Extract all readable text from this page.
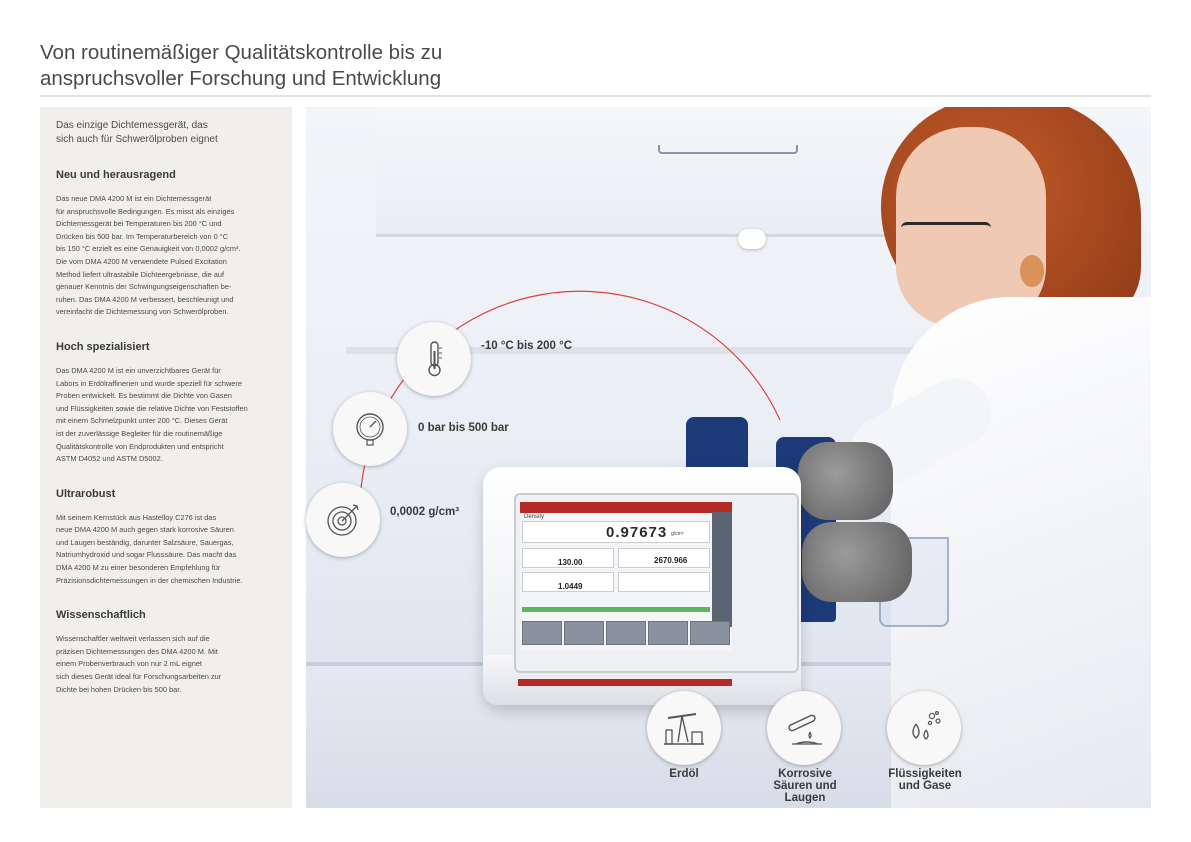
Von routinemäßiger Qualitätskontrolle bis zu
anspruchsvoller Forschung und Entwicklung
Das einzige Dichtemessgerät, das
sich auch für Schwerölproben eignet
Neu und herausragend
Das neue DMA 4200 M ist ein Dichtemessgerät
für anspruchsvolle Bedingungen. Es misst als einziges
Dichtemessgerät bei Temperaturen bis 200 °C und
Drücken bis 500 bar. Im Temperaturbereich von 0 °C
bis 150 °C erzielt es eine Genauigkeit von 0,0002 g/cm³.
Die vom DMA 4200 M verwendete Pulsed Excitation
Method liefert ultrastabile Dichteergebnisse, die auf
genauer Kenntnis der Schwingungseigenschaften be-
ruhen. Das DMA 4200 M verbessert, beschleunigt und
vereinfacht die Dichtemessung von Schwerölproben.
Hoch spezialisiert
Das DMA 4200 M ist ein unverzichtbares Gerät für
Labors in Erdölraffinerien und wurde speziell für schwere
Proben entwickelt. Es bestimmt die Dichte von Gasen
und Flüssigkeiten sowie die relative Dichte von Feststoffen
mit einem Schmelzpunkt unter 200 °C. Dieses Gerät
ist der zuverlässige Begleiter für die routinemäßige
Qualitätskontrolle von Endprodukten und entspricht
ASTM D4052 und ASTM D5002.
Ultrarobust
Mit seinem Kernstück aus Hastelloy C276 ist das
neue DMA 4200 M auch gegen stark korrosive Säuren
und Laugen beständig, darunter Salzsäure, Sauergas,
Natriumhydroxid und sogar Flusssäure. Das macht das
DMA 4200 M zu einer besonderen Empfehlung für
Präzisionsdichtemessungen in der chemischen Industrie.
Wissenschaftlich
Wissenschaftler weltweit verlassen sich auf die
präzisen Dichtemessungen des DMA 4200 M. Mit
einem Probenverbrauch von nur 2 mL eignet
sich dieses Gerät ideal für Forschungsarbeiten zur
Dichte bei hohen Drücken bis 500 bar.
Density
0.97673 g/cm³
130.00	2670.966
1.0449
-10 °C bis 200 °C
0 bar bis 500 bar
0,0002 g/cm³
Erdöl	Korrosive
Säuren und
Laugen
Flüssigkeiten
und Gase
